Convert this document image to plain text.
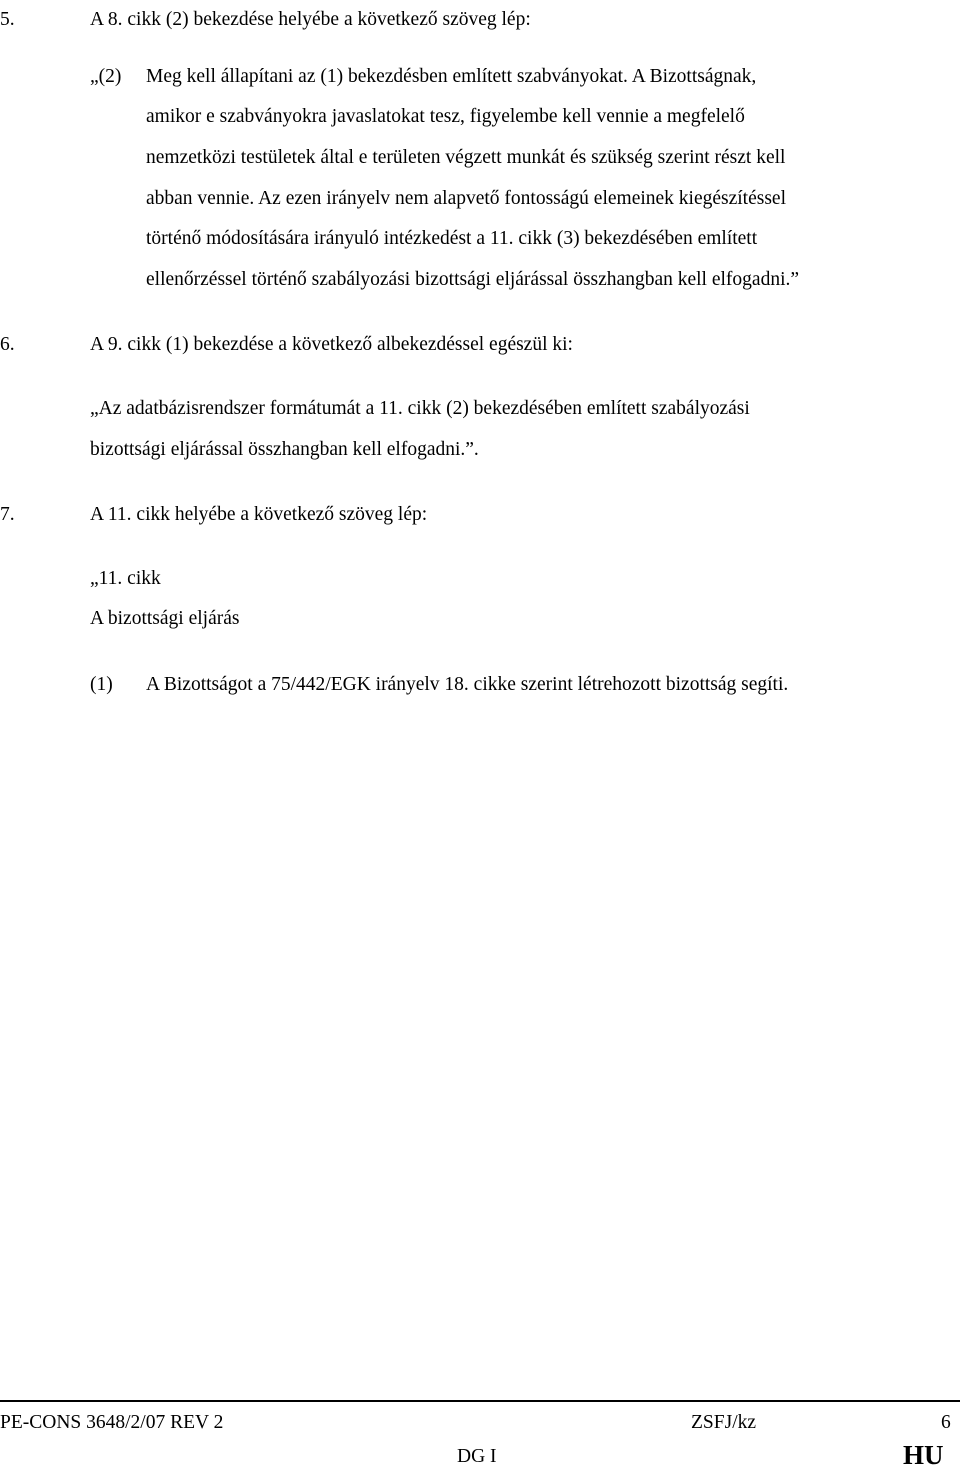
5.	A 8. cikk (2) bekezdése helyébe a következő szöveg lép:
„(2) Meg kell állapítani az (1) bekezdésben említett szabványokat. A Bizottságnak,
amikor e szabványokra javaslatokat tesz, figyelembe kell vennie a megfelelő
nemzetközi testületek által e területen végzett munkát és szükség szerint részt kell
abban vennie. Az ezen irányelv nem alapvető fontosságú elemeinek kiegészítéssel
történő módosítására irányuló intézkedést a 11. cikk (3) bekezdésében említett
ellenőrzéssel történő szabályozási bizottsági eljárással összhangban kell elfogadni.”
6.	A 9. cikk (1) bekezdése a következő albekezdéssel egészül ki:
„Az adatbázisrendszer formátumát a 11. cikk (2) bekezdésében említett szabályozási
bizottsági eljárással összhangban kell elfogadni.”.
7.	A 11. cikk helyébe a következő szöveg lép:
„11. cikk
A bizottsági eljárás
(1) A Bizottságot a 75/442/EGK irányelv 18. cikke szerint létrehozott bizottság segíti.
PE-CONS 3648/2/07 REV 2	ZSFJ/kz	6
DG I	HU
